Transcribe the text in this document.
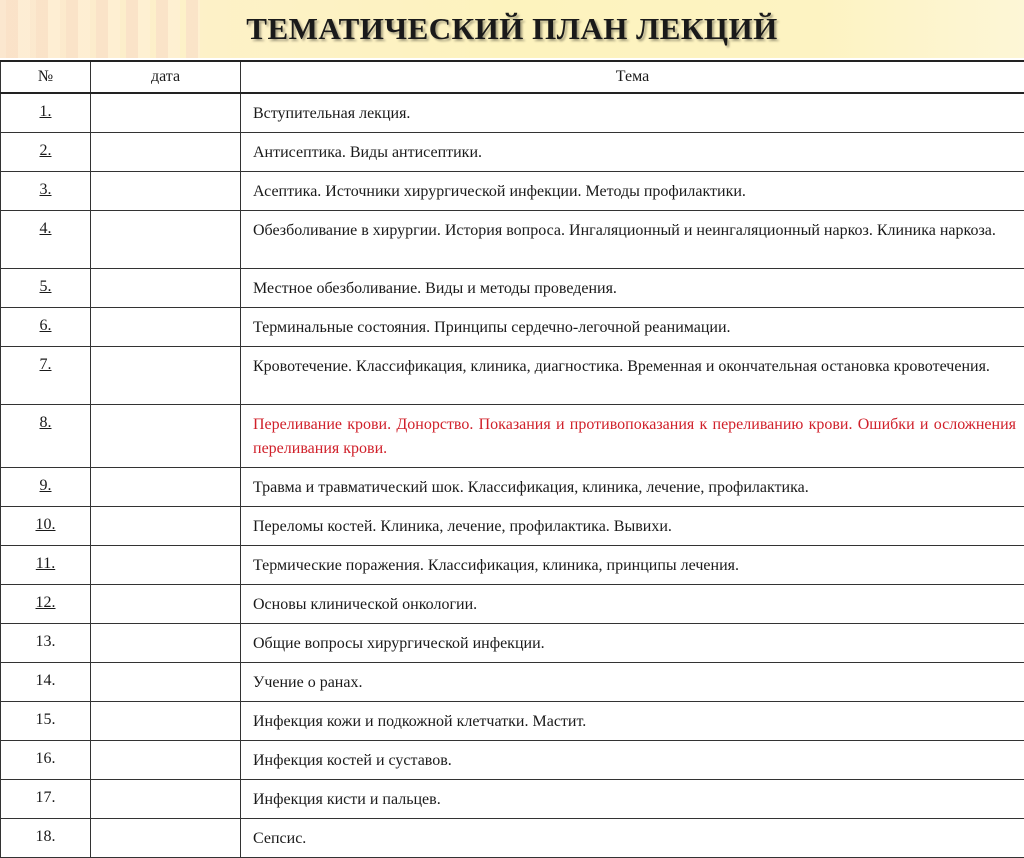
ТЕМАТИЧЕСКИЙ ПЛАН ЛЕКЦИЙ
№	дата	Тема
1.		Вступительная лекция.
2.		Антисептика. Виды антисептики.
3.		Асептика. Источники хирургической инфекции. Методы профилактики.
4.		Обезболивание в хирургии. История вопроса. Ингаляционный и неингаляционный наркоз. Клиника наркоза.
5.		Местное обезболивание. Виды и методы проведения.
6.		Терминальные состояния. Принципы сердечно-легочной реанимации.
7.		Кровотечение. Классификация, клиника, диагностика. Временная и окончательная остановка кровотечения.
8.		Переливание крови. Донорство. Показания и противопоказания к переливанию крови. Ошибки и осложнения переливания крови.
9.		Травма и травматический шок. Классификация, клиника, лечение, профилактика.
10.		Переломы костей. Клиника, лечение, профилактика. Вывихи.
11.		Термические поражения. Классификация, клиника, принципы лечения.
12.		Основы клинической онкологии.
13.		Общие вопросы хирургической инфекции.
14.		Учение о ранах.
15.		Инфекция кожи и подкожной клетчатки. Мастит.
16.		Инфекция костей и суставов.
17.		Инфекция кисти и пальцев.
18.		Сепсис.
